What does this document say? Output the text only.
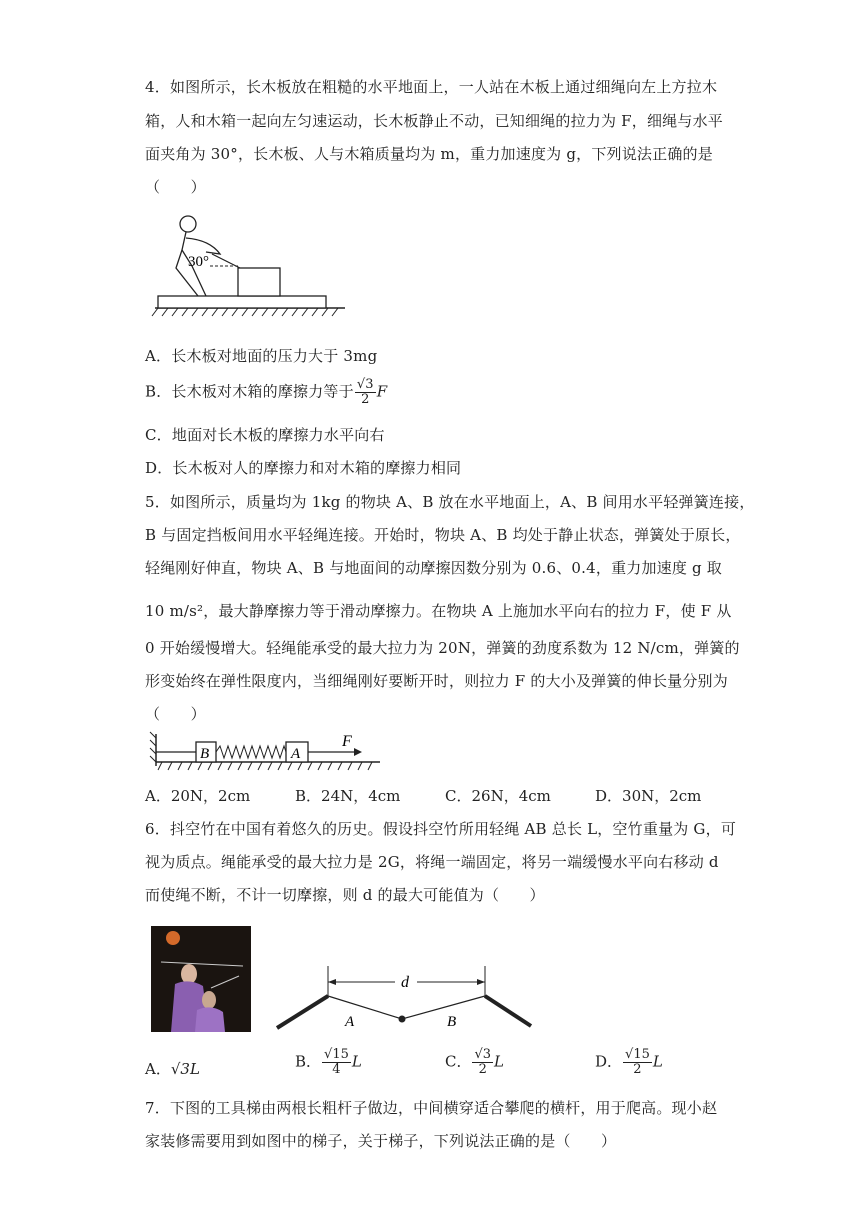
4．如图所示，长木板放在粗糙的水平地面上，一人站在木板上通过细绳向左上方拉木
箱，人和木箱一起向左匀速运动，长木板静止不动，已知细绳的拉力为 F，细绳与水平
面夹角为 30°，长木板、人与木箱质量均为 m，重力加速度为 g，下列说法正确的是
（　　）
30°
A．长木板对地面的压力大于 3mg
B．长木板对木箱的摩擦力等于 $\frac{√3}{2}$ F
C．地面对长木板的摩擦力水平向右
D．长木板对人的摩擦力和对木箱的摩擦力相同
5．如图所示，质量均为 1kg 的物块 A、B 放在水平地面上，A、B 间用水平轻弹簧连接，
B 与固定挡板间用水平轻绳连接。开始时，物块 A、B 均处于静止状态，弹簧处于原长，
轻绳刚好伸直，物块 A、B 与地面间的动摩擦因数分别为 0.6、0.4，重力加速度 g 取
10 m/s²，最大静摩擦力等于滑动摩擦力。在物块 A 上施加水平向右的拉力 F，使 F 从
0 开始缓慢增大。轻绳能承受的最大拉力为 20N，弹簧的劲度系数为 12 N/cm，弹簧的
形变始终在弹性限度内，当细绳刚好要断开时，则拉力 F 的大小及弹簧的伸长量分别为
（　　）
B	A
F
A．20N，2cm	B．24N，4cm	C．26N，4cm	D．30N，2cm
6．抖空竹在中国有着悠久的历史。假设抖空竹所用轻绳 AB 总长 L，空竹重量为 G，可
视为质点。绳能承受的最大拉力是 2G，将绳一端固定，将另一端缓慢水平向右移动 d
而使绳不断，不计一切摩擦，则 d 的最大可能值为（　　）
d
A	B
A．√3L	B． $\frac{√15}{4}$ L	C． $\frac{√3}{2}$ L	D． $\frac{√15}{2}$ L
7．下图的工具梯由两根长粗杆子做边，中间横穿适合攀爬的横杆，用于爬高。现小赵
家装修需要用到如图中的梯子，关于梯子，下列说法正确的是（　　）
